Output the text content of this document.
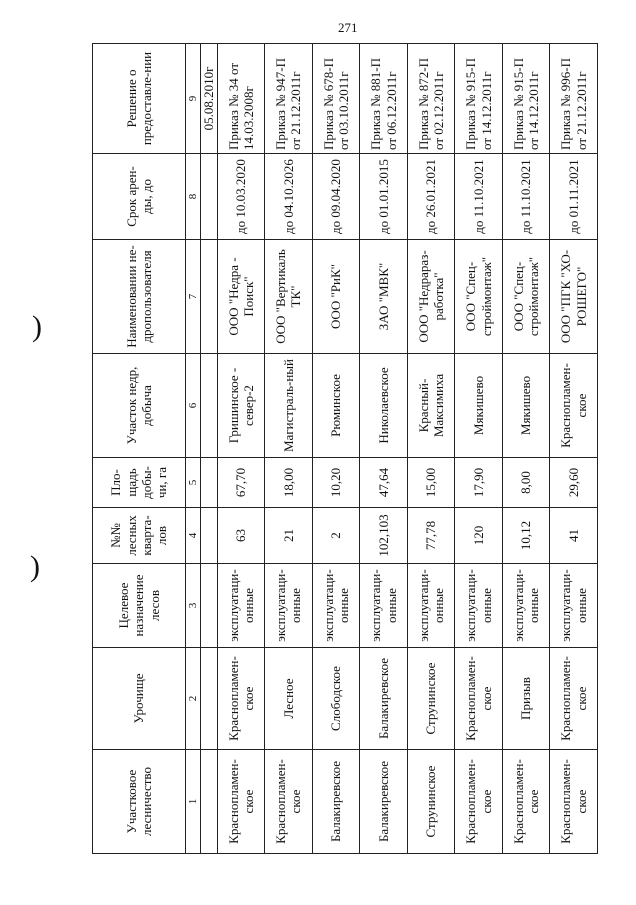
271
)
)
Участковое лесничество	Урочище	Целевое назначение лесов	№№ лесных кварта-лов	Пло-щадь добы-чи, га	Участок недр, добыча	Наименовании не-дропользователя	Срок арен-ды, до	Решение о предоставле-нии
1	2	3	4	5	6	7	8	9
								05.08.2010г
Краснопламен-ское	Краснопламен-ское	эксплуатаци-онные	63	67,70	Гришинское - север-2	ООО "Недра - Поиск"	до 10.03.2020	Приказ № 34 от 14.03.2008г
Краснопламен-ское	Лесное	эксплуатаци-онные	21	18,00	Магистраль-ный	ООО "Вертикаль ТК"	до 04.10.2026	Приказ № 947-П от 21.12.2011г
Балакиревское	Слободское	эксплуатаци-онные	2	10,20	Рюминское	ООО "РиК"	до 09.04.2020	Приказ № 678-П от 03.10.2011г
Балакиревское	Балакиревское	эксплуатаци-онные	102,103	47,64	Николаевское	ЗАО "МВК"	до 01.01.2015	Приказ № 881-П от 06.12.2011г
Струнинское	Струнинское	эксплуатаци-онные	77,78	15,00	Красный-Максимиха	ООО "Недрараз-работка"	до 26.01.2021	Приказ № 872-П от 02.12.2011г
Краснопламен-ское	Краснопламен-ское	эксплуатаци-онные	120	17,90	Мякишево	ООО "Спец-строймонтаж"	до 11.10.2021	Приказ № 915-П от 14.12.2011г
Краснопламен-ское	Призыв	эксплуатаци-онные	10,12	8,00	Мякишево	ООО "Спец-строймонтаж"	до 11.10.2021	Приказ № 915-П от 14.12.2011г
Краснопламен-ское	Краснопламен-ское	эксплуатаци-онные	41	29,60	Краснопламен-ское	ООО "ПГК "ХО-РОШЕГО"	до 01.11.2021	Приказ № 996-П от 21.12.2011г
